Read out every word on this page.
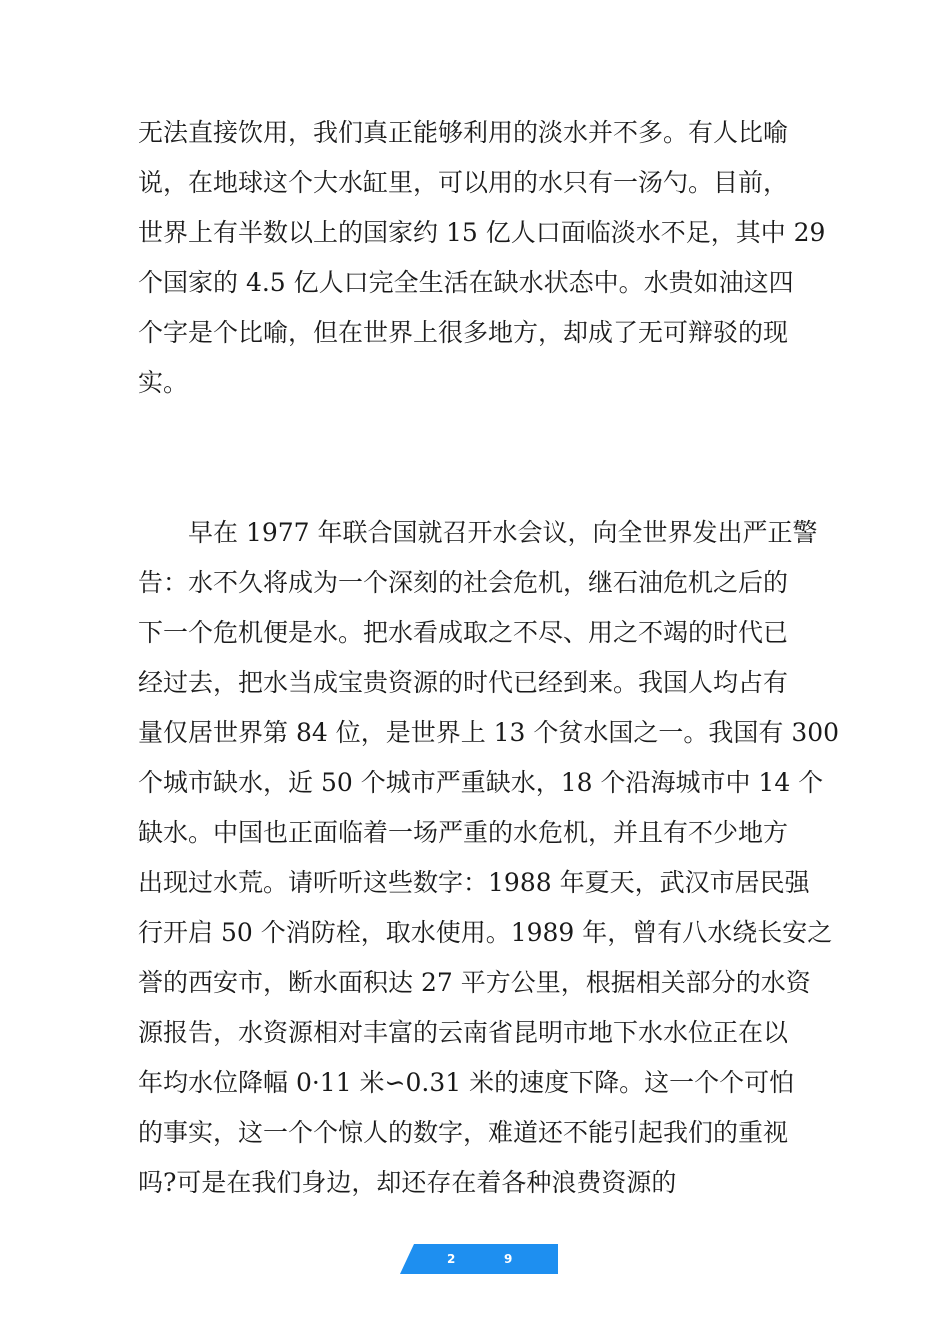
无法直接饮用，我们真正能够利用的淡水并不多。有人比喻
说，在地球这个大水缸里，可以用的水只有一汤勺。目前，
世界上有半数以上的国家约 15 亿人口面临淡水不足，其中 29
个国家的 4.5 亿人口完全生活在缺水状态中。水贵如油这四
个字是个比喻，但在世界上很多地方，却成了无可辩驳的现
实。
　　早在 1977 年联合国就召开水会议，向全世界发出严正警
告：水不久将成为一个深刻的社会危机，继石油危机之后的
下一个危机便是水。把水看成取之不尽、用之不竭的时代已
经过去，把水当成宝贵资源的时代已经到来。我国人均占有
量仅居世界第 84 位，是世界上 13 个贫水国之一。我国有 300
个城市缺水，近 50 个城市严重缺水，18 个沿海城市中 14 个
缺水。中国也正面临着一场严重的水危机，并且有不少地方
出现过水荒。请听听这些数字：1988 年夏天，武汉市居民强
行开启 50 个消防栓，取水使用。1989 年，曾有八水绕长安之
誉的西安市，断水面积达 27 平方公里，根据相关部分的水资
源报告，水资源相对丰富的云南省昆明市地下水水位正在以
年均水位降幅 0·11 米∽0.31 米的速度下降。这一个个可怕
的事实，这一个个惊人的数字，难道还不能引起我们的重视
吗?可是在我们身边，却还存在着各种浪费资源的
2	9
